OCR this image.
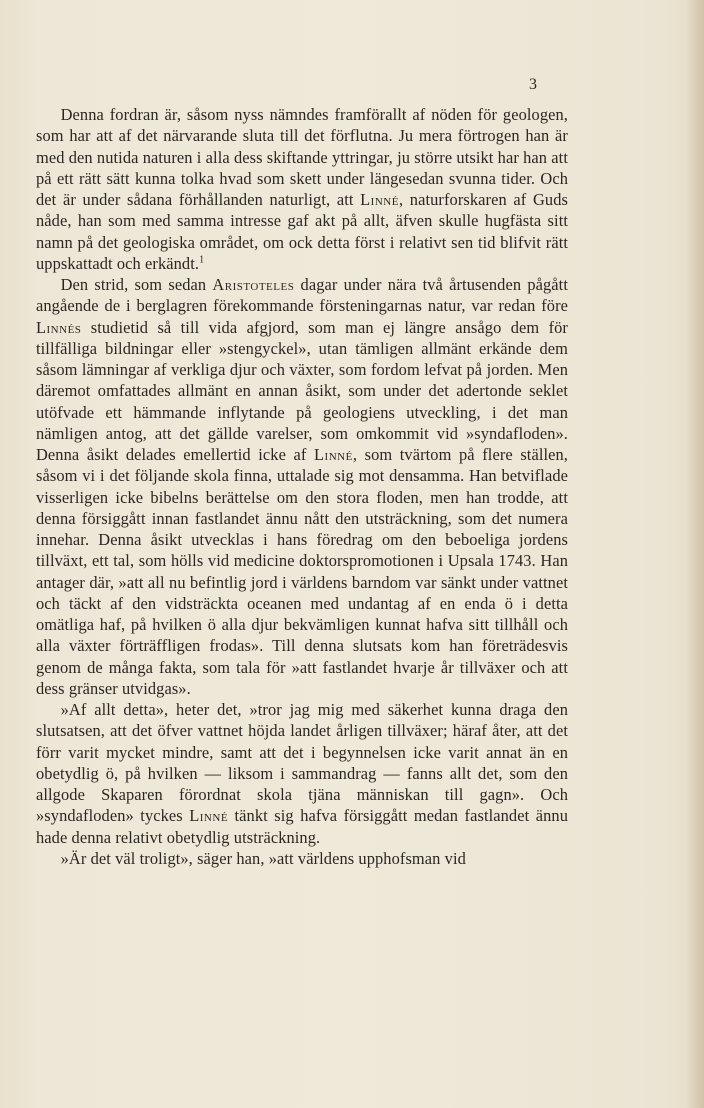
3

Denna fordran är, såsom nyss nämndes framförallt af nöden för geologen, som har att af det närvarande sluta till det förflutna. Ju mera förtrogen han är med den nutida naturen i alla dess skiftande yttringar, ju större utsikt har han att på ett rätt sätt kunna tolka hvad som skett under längesedan svunna tider. Och det är under sådana förhållanden naturligt, att Linné, naturforskaren af Guds nåde, han som med samma intresse gaf akt på allt, äfven skulle hugfästa sitt namn på det geologiska området, om ock detta först i relativt sen tid blifvit rätt uppskattadt och erkändt.$^1$

Den strid, som sedan Aristoteles dagar under nära två årtusenden pågått angående de i berglagren förekommande försteningarnas natur, var redan före Linnés studietid så till vida afgjord, som man ej längre ansågo dem för tillfälliga bildningar eller »stengyckel», utan tämligen allmänt erkände dem såsom lämningar af verkliga djur och växter, som fordom lefvat på jorden. Men däremot omfattades allmänt en annan åsikt, som under det adertonde seklet utöfvade ett hämmande inflytande på geologiens utveckling, i det man nämligen antog, att det gällde varelser, som omkommit vid »syndafloden». Denna åsikt delades emellertid icke af Linné, som tvärtom på flere ställen, såsom vi i det följande skola finna, uttalade sig mot densamma. Han betviflade visserligen icke bibelns berättelse om den stora floden, men han trodde, att denna försiggått innan fastlandet ännu nått den utsträckning, som det numera innehar. Denna åsikt utvecklas i hans föredrag om den beboeliga jordens tillväxt, ett tal, som hölls vid medicine doktorspromotionen i Upsala 1743. Han antager där, »att all nu befintlig jord i världens barndom var sänkt under vattnet och täckt af den vidsträckta oceanen med undantag af en enda ö i detta omätliga haf, på hvilken ö alla djur bekvämligen kunnat hafva sitt tillhåll och alla växter förträffligen frodas». Till denna slutsats kom han företrädesvis genom de många fakta, som tala för »att fastlandet hvarje år tillväxer och att dess gränser utvidgas».

»Af allt detta», heter det, »tror jag mig med säkerhet kunna draga den slutsatsen, att det öfver vattnet höjda landet årligen tillväxer; häraf åter, att det förr varit mycket mindre, samt att det i begynnelsen icke varit annat än en obetydlig ö, på hvilken — liksom i sammandrag — fanns allt det, som den allgode Skaparen förordnat skola tjäna människan till gagn». Och »syndafloden» tyckes Linné tänkt sig hafva försiggått medan fastlandet ännu hade denna relativt obetydlig utsträckning.

»Är det väl troligt», säger han, »att världens upphofsman vid
